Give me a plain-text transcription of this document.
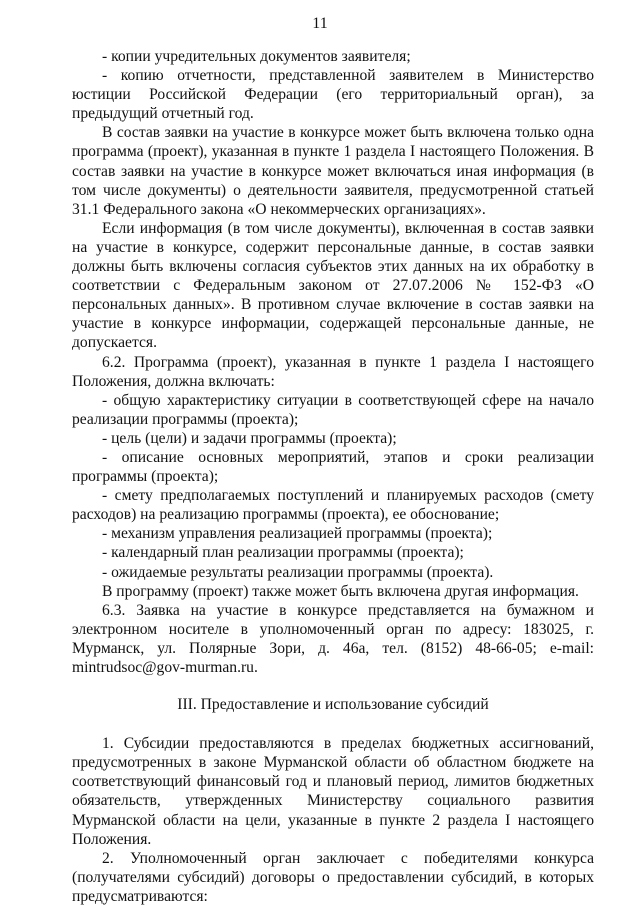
11

- копии учредительных документов заявителя;

- копию отчетности, представленной заявителем в Министерство юстиции Российской Федерации (его территориальный орган), за предыдущий отчетный год.

В состав заявки на участие в конкурсе может быть включена только одна программа (проект), указанная в пункте 1 раздела I настоящего Положения. В состав заявки на участие в конкурсе может включаться иная информация (в том числе документы) о деятельности заявителя, предусмотренной статьей 31.1 Федерального закона «О некоммерческих организациях».

Если информация (в том числе документы), включенная в состав заявки на участие в конкурсе, содержит персональные данные, в состав заявки должны быть включены согласия субъектов этих данных на их обработку в соответствии с Федеральным законом от 27.07.2006 № 152-ФЗ «О персональных данных». В противном случае включение в состав заявки на участие в конкурсе информации, содержащей персональные данные, не допускается.

6.2. Программа (проект), указанная в пункте 1 раздела I настоящего Положения, должна включать:

- общую характеристику ситуации в соответствующей сфере на начало реализации программы (проекта);

- цель (цели) и задачи программы (проекта);

- описание основных мероприятий, этапов и сроки реализации программы (проекта);

- смету предполагаемых поступлений и планируемых расходов (смету расходов) на реализацию программы (проекта), ее обоснование;

- механизм управления реализацией программы (проекта);

- календарный план реализации программы (проекта);

- ожидаемые результаты реализации программы (проекта).

В программу (проект) также может быть включена другая информация.

6.3. Заявка на участие в конкурсе представляется на бумажном и электронном носителе в уполномоченный орган по адресу: 183025, г. Мурманск, ул. Полярные Зори, д. 46а, тел. (8152) 48-66-05; e-mail: mintrudsoc@gov-murman.ru.

III. Предоставление и использование субсидий

1. Субсидии предоставляются в пределах бюджетных ассигнований, предусмотренных в законе Мурманской области об областном бюджете на соответствующий финансовый год и плановый период, лимитов бюджетных обязательств, утвержденных Министерству социального развития Мурманской области на цели, указанные в пункте 2 раздела I настоящего Положения.

2. Уполномоченный орган заключает с победителями конкурса (получателями субсидий) договоры о предоставлении субсидий, в которых предусматриваются:
